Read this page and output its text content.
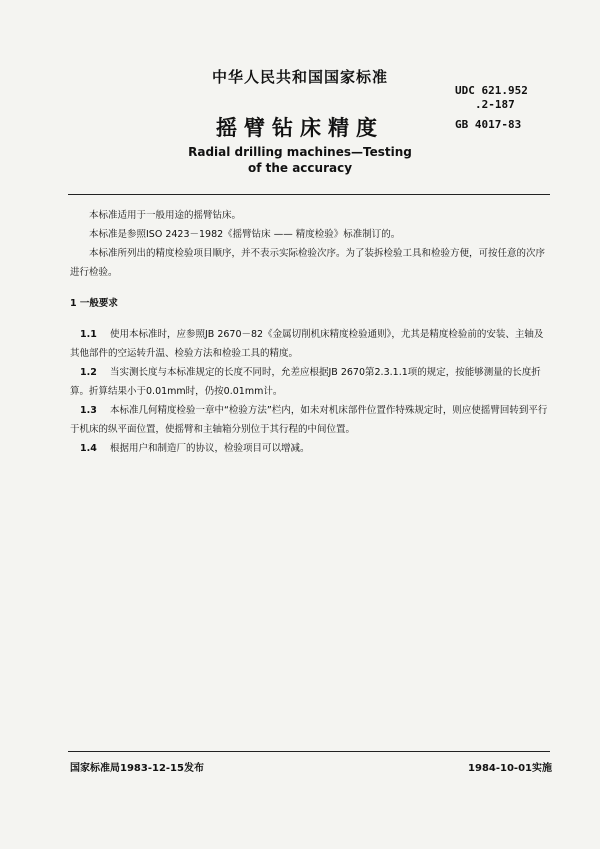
中华人民共和国国家标准
UDC 621.952
.2-187
GB 4017-83
摇臂钻床精度
Radial drilling machines—Testing
of the accuracy

本标准适用于一般用途的摇臂钻床。

本标准是参照ISO 2423－1982《摇臂钻床 —— 精度检验》标准制订的。

本标准所列出的精度检验项目顺序，并不表示实际检验次序。为了装拆检验工具和检验方便，可按任意的次序进行检验。

1 一般要求

1.1 使用本标准时，应参照JB 2670－82《金属切削机床精度检验通则》，尤其是精度检验前的安装、主轴及其他部件的空运转升温、检验方法和检验工具的精度。

1.2 当实测长度与本标准规定的长度不同时，允差应根据JB 2670第2.3.1.1项的规定，按能够测量的长度折算。折算结果小于0.01mm时，仍按0.01mm计。

1.3 本标准几何精度检验一章中“检验方法”栏内，如未对机床部件位置作特殊规定时，则应使摇臂回转到平行于机床的纵平面位置，使摇臂和主轴箱分别位于其行程的中间位置。

1.4 根据用户和制造厂的协议，检验项目可以增减。

国家标准局1983-12-15发布	1984-10-01实施
